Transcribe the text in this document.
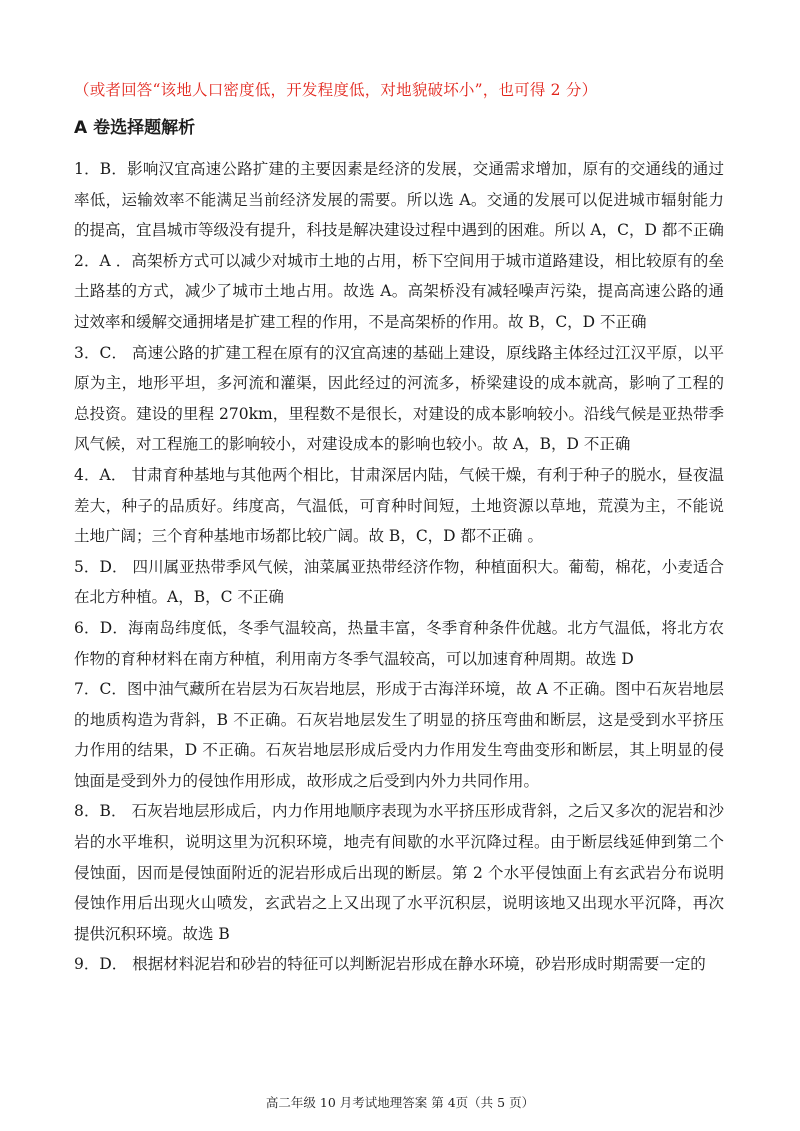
（或者回答“该地人口密度低，开发程度低，对地貌破坏小”，也可得 2 分）
A 卷选择题解析

1．B．影响汉宜高速公路扩建的主要因素是经济的发展，交通需求增加，原有的交通线的通过率低，运输效率不能满足当前经济发展的需要。所以选 A。交通的发展可以促进城市辐射能力的提高，宜昌城市等级没有提升，科技是解决建设过程中遇到的困难。所以 A，C，D 都不正确

2．A ．高架桥方式可以减少对城市土地的占用，桥下空间用于城市道路建设，相比较原有的垒土路基的方式，减少了城市土地占用。故选 A。高架桥没有减轻噪声污染，提高高速公路的通过效率和缓解交通拥堵是扩建工程的作用，不是高架桥的作用。故 B，C，D 不正确

3．C． 高速公路的扩建工程在原有的汉宜高速的基础上建设，原线路主体经过江汉平原，以平原为主，地形平坦，多河流和灌渠，因此经过的河流多，桥梁建设的成本就高，影响了工程的总投资。建设的里程 270km，里程数不是很长，对建设的成本影响较小。沿线气候是亚热带季风气候，对工程施工的影响较小，对建设成本的影响也较小。故 A，B，D 不正确

4．A． 甘肃育种基地与其他两个相比，甘肃深居内陆，气候干燥，有利于种子的脱水，昼夜温差大，种子的品质好。纬度高，气温低，可育种时间短，土地资源以草地，荒漠为主，不能说土地广阔；三个育种基地市场都比较广阔。故 B，C，D 都不正确 。

5．D． 四川属亚热带季风气候，油菜属亚热带经济作物，种植面积大。葡萄，棉花，小麦适合在北方种植。A，B，C 不正确

6．D．海南岛纬度低，冬季气温较高，热量丰富，冬季育种条件优越。北方气温低，将北方农作物的育种材料在南方种植，利用南方冬季气温较高，可以加速育种周期。故选 D

7．C．图中油气藏所在岩层为石灰岩地层，形成于古海洋环境，故 A 不正确。图中石灰岩地层的地质构造为背斜，B 不正确。石灰岩地层发生了明显的挤压弯曲和断层，这是受到水平挤压力作用的结果，D 不正确。石灰岩地层形成后受内力作用发生弯曲变形和断层，其上明显的侵蚀面是受到外力的侵蚀作用形成，故形成之后受到内外力共同作用。

8．B． 石灰岩地层形成后，内力作用地顺序表现为水平挤压形成背斜，之后又多次的泥岩和沙岩的水平堆积，说明这里为沉积环境，地壳有间歇的水平沉降过程。由于断层线延伸到第二个侵蚀面，因而是侵蚀面附近的泥岩形成后出现的断层。第 2 个水平侵蚀面上有玄武岩分布说明侵蚀作用后出现火山喷发，玄武岩之上又出现了水平沉积层，说明该地又出现水平沉降，再次提供沉积环境。故选 B

9．D． 根据材料泥岩和砂岩的特征可以判断泥岩形成在静水环境，砂岩形成时期需要一定的

高二年级 10 月考试地理答案 第 4页（共 5 页）
